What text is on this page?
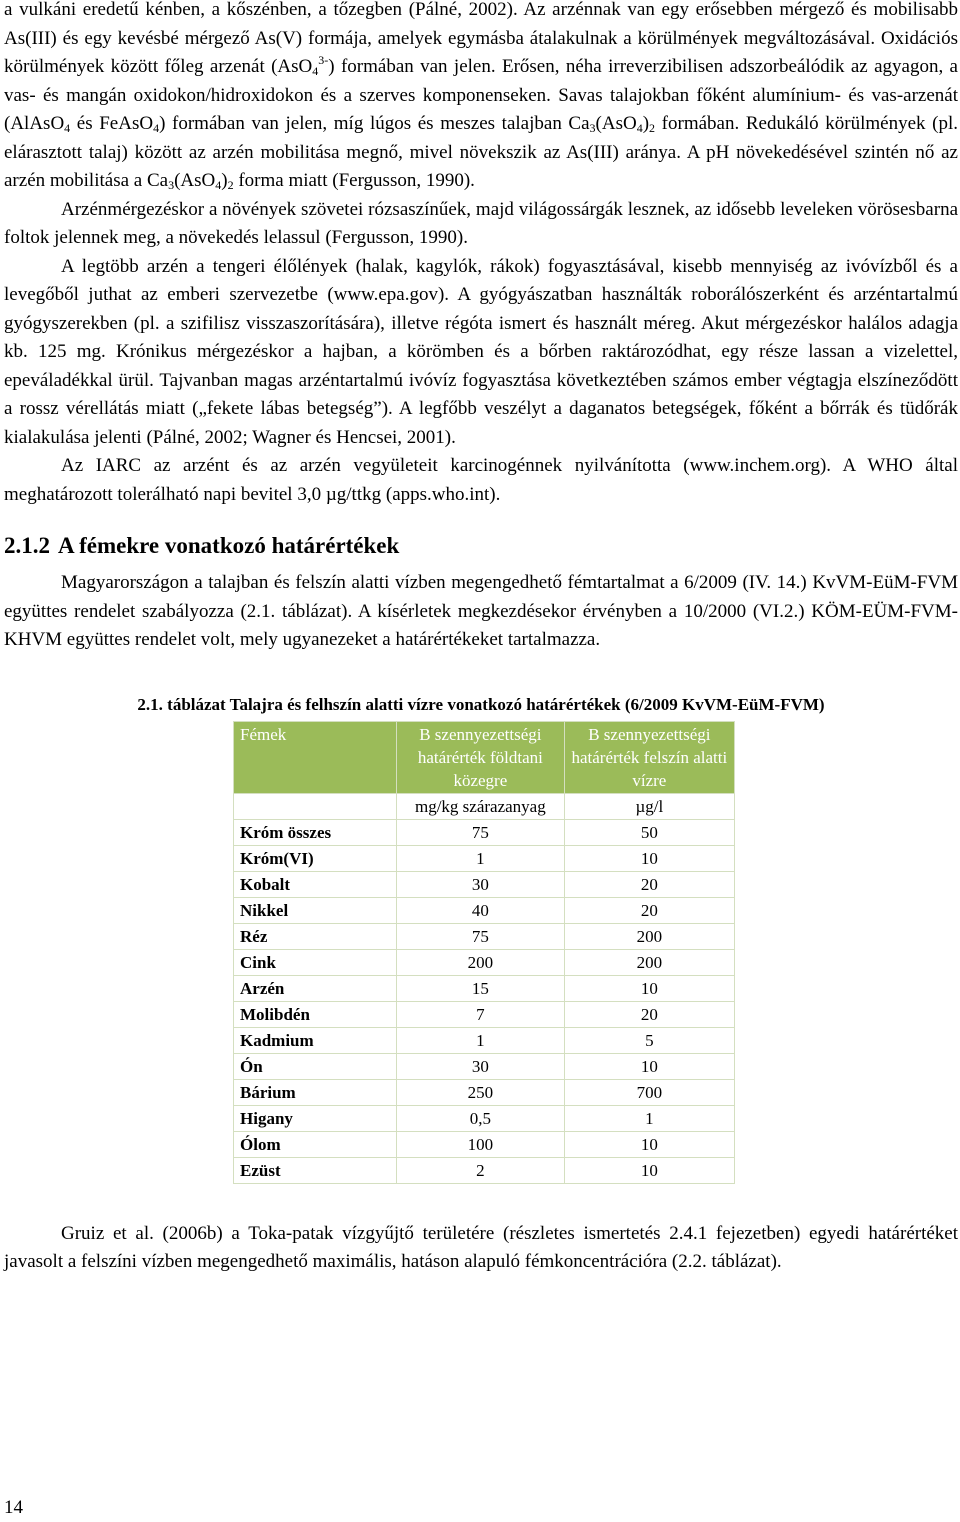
a vulkáni eredetű kénben, a kőszénben, a tőzegben (Pálné, 2002). Az arzénnak van egy erősebben mérgező és mobilisabb As(III) és egy kevésbé mérgező As(V) formája, amelyek egymásba átalakulnak a körülmények megváltozásával. Oxidációs körülmények között főleg arzenát (AsO$_4^{3-}$) formában van jelen. Erősen, néha irreverzibilisen adszorbeálódik az agyagon, a vas- és mangán oxidokon/hidroxidokon és a szerves komponenseken. Savas talajokban főként alumínium- és vas-arzenát (AlAsO$_4$ és FeAsO$_4$) formában van jelen, míg lúgos és meszes talajban $Ca_3(AsO_4)_2$ formában. Redukáló körülmények (pl. elárasztott talaj) között az arzén mobilitása megnő, mivel növekszik az As(III) aránya. A pH növekedésével szintén nő az arzén mobilitása a $Ca_3(AsO_4)_2$ forma miatt (Fergusson, 1990).

Arzénmérgezéskor a növények szövetei rózsaszínűek, majd világossárgák lesznek, az idősebb leveleken vörösesbarna foltok jelennek meg, a növekedés lelassul (Fergusson, 1990).

A legtöbb arzén a tengeri élőlények (halak, kagylók, rákok) fogyasztásával, kisebb mennyiség az ivóvízből és a levegőből juthat az emberi szervezetbe (www.epa.gov). A gyógyászatban használták roborálószerként és arzéntartalmú gyógyszerekben (pl. a szifilisz visszaszorítására), illetve régóta ismert és használt méreg. Akut mérgezéskor halálos adagja kb. 125 mg. Krónikus mérgezéskor a hajban, a körömben és a bőrben raktározódhat, egy része lassan a vizelettel, epeváladékkal ürül. Tajvanban magas arzéntartalmú ivóvíz fogyasztása következtében számos ember végtagja elszíneződött a rossz vérellátás miatt („fekete lábas betegség”). A legfőbb veszélyt a daganatos betegségek, főként a bőrrák és tüdőrák kialakulása jelenti (Pálné, 2002; Wagner és Hencsei, 2001).

Az IARC az arzént és az arzén vegyületeit karcinogénnek nyilvánította (www.inchem.org). A WHO által meghatározott tolerálható napi bevitel 3,0 µg/ttkg (apps.who.int).

2.1.2 A fémekre vonatkozó határértékek

Magyarországon a talajban és felszín alatti vízben megengedhető fémtartalmat a 6/2009 (IV. 14.) KvVM-EüM-FVM együttes rendelet szabályozza (2.1. táblázat). A kísérletek megkezdésekor érvényben a 10/2000 (VI.2.) KÖM-EÜM-FVM-KHVM együttes rendelet volt, mely ugyanezeket a határértékeket tartalmazza.

2.1. táblázat Talajra és felhszín alatti vízre vonatkozó határértékek (6/2009 KvVM-EüM-FVM)
Fémek	B szennyezettségi határérték földtani közegre	B szennyezettségi határérték felszín alatti vízre
	mg/kg szárazanyag	µg/l
Króm összes	75	50
Króm(VI)	1	10
Kobalt	30	20
Nikkel	40	20
Réz	75	200
Cink	200	200
Arzén	15	10
Molibdén	7	20
Kadmium	1	5
Ón	30	10
Bárium	250	700
Higany	0,5	1
Ólom	100	10
Ezüst	2	10

Gruiz et al. (2006b) a Toka-patak vízgyűjtő területére (részletes ismertetés 2.4.1 fejezetben) egyedi határértéket javasolt a felszíni vízben megengedhető maximális, hatáson alapuló fémkoncentrációra (2.2. táblázat).

14
